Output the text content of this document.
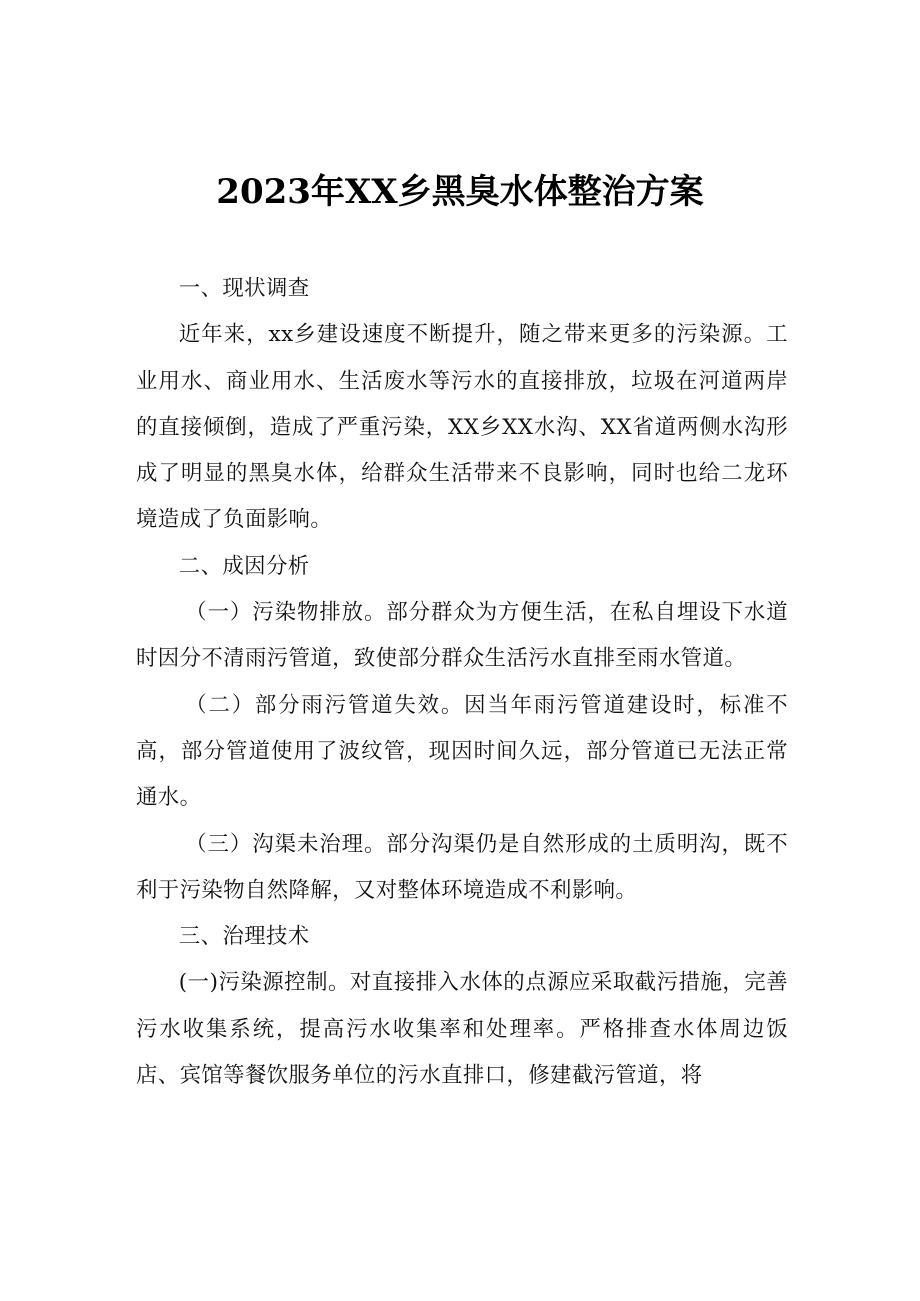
2023年XX乡黑臭水体整治方案

一、现状调查

近年来，xx乡建设速度不断提升，随之带来更多的污染源。工业用水、商业用水、生活废水等污水的直接排放，垃圾在河道两岸的直接倾倒，造成了严重污染，XX乡XX水沟、XX省道两侧水沟形成了明显的黑臭水体，给群众生活带来不良影响，同时也给二龙环境造成了负面影响。

二、成因分析

（一）污染物排放。部分群众为方便生活，在私自埋设下水道时因分不清雨污管道，致使部分群众生活污水直排至雨水管道。

（二）部分雨污管道失效。因当年雨污管道建设时，标准不高，部分管道使用了波纹管，现因时间久远，部分管道已无法正常通水。

（三）沟渠未治理。部分沟渠仍是自然形成的土质明沟，既不利于污染物自然降解，又对整体环境造成不利影响。

三、治理技术

(一)污染源控制。对直接排入水体的点源应采取截污措施，完善污水收集系统，提高污水收集率和处理率。严格排查水体周边饭店、宾馆等餐饮服务单位的污水直排口，修建截污管道，将
